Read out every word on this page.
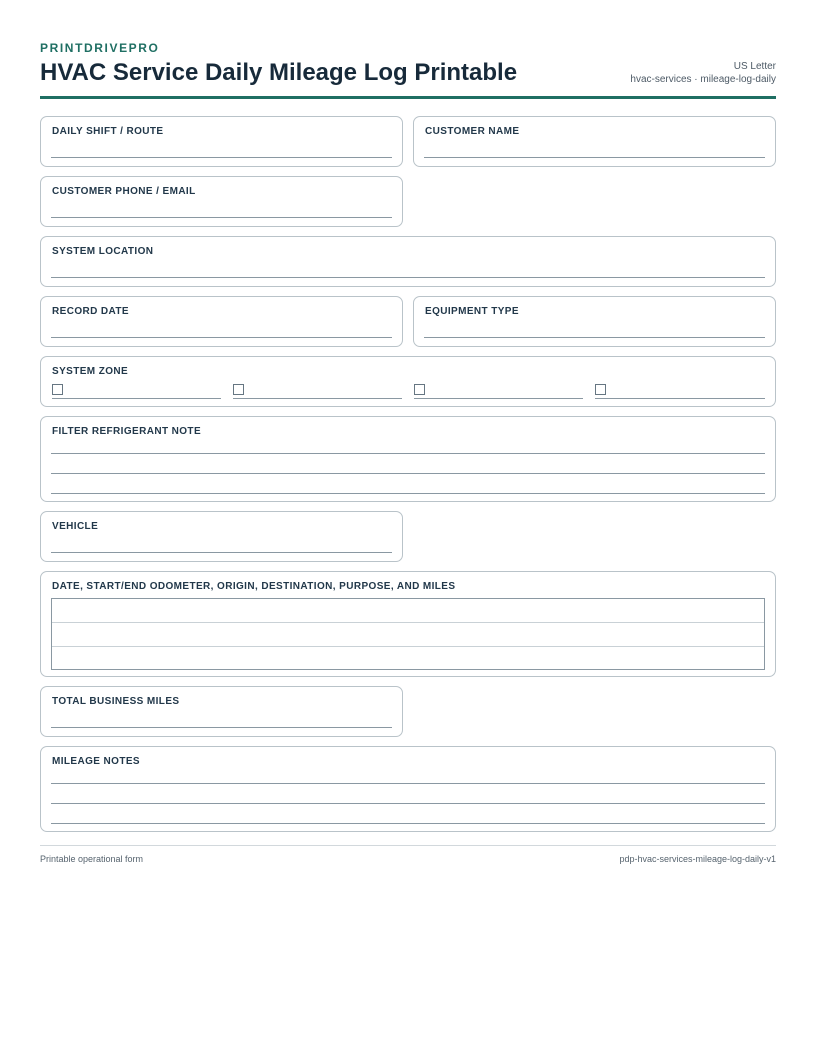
PRINTDRIVEPRO
HVAC Service Daily Mileage Log Printable	US Letter
hvac-services · mileage-log-daily
DAILY SHIFT / ROUTE	CUSTOMER NAME
CUSTOMER PHONE / EMAIL
SYSTEM LOCATION
RECORD DATE	EQUIPMENT TYPE
SYSTEM ZONE
FILTER REFRIGERANT NOTE
VEHICLE
DATE, START/END ODOMETER, ORIGIN, DESTINATION, PURPOSE, AND MILES
TOTAL BUSINESS MILES
MILEAGE NOTES
Printable operational form	pdp-hvac-services-mileage-log-daily-v1
